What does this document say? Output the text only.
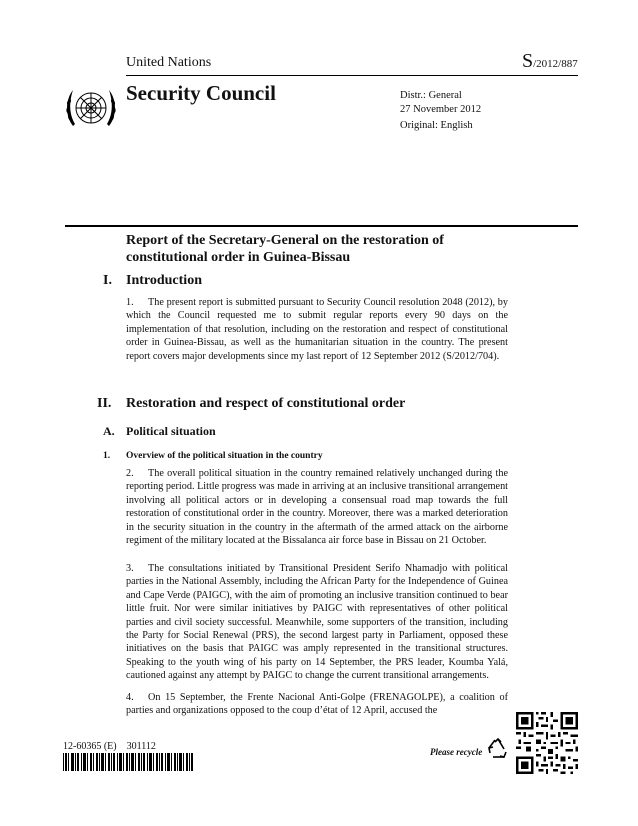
United Nations	S/2012/887
Security Council	Distr.: General
27 November 2012
Original: English
Report of the Secretary-General on the restoration of constitutional order in Guinea-Bissau
I. Introduction

1. The present report is submitted pursuant to Security Council resolution 2048 (2012), by which the Council requested me to submit regular reports every 90 days on the implementation of that resolution, including on the restoration and respect of constitutional order in Guinea-Bissau, as well as the humanitarian situation in the country. The present report covers major developments since my last report of 12 September 2012 (S/2012/704).

II. Restoration and respect of constitutional order
A. Political situation
1. Overview of the political situation in the country

2. The overall political situation in the country remained relatively unchanged during the reporting period. Little progress was made in arriving at an inclusive transitional arrangement involving all political actors or in developing a consensual road map towards the full restoration of constitutional order in the country. Moreover, there was a marked deterioration in the security situation in the country in the aftermath of the armed attack on the airborne regiment of the military located at the Bissalanca air force base in Bissau on 21 October.

3. The consultations initiated by Transitional President Serifo Nhamadjo with political parties in the National Assembly, including the African Party for the Independence of Guinea and Cape Verde (PAIGC), with the aim of promoting an inclusive transition continued to bear little fruit. Nor were similar initiatives by PAIGC with representatives of other political parties and civil society successful. Meanwhile, some supporters of the transition, including the Party for Social Renewal (PRS), the second largest party in Parliament, opposed these initiatives on the basis that PAIGC was amply represented in the transitional structures. Speaking to the youth wing of his party on 14 September, the PRS leader, Koumba Yalá, cautioned against any attempt by PAIGC to change the current transitional arrangements.

4. On 15 September, the Frente Nacional Anti-Golpe (FRENAGOLPE), a coalition of parties and organizations opposed to the coup d’état of 12 April, accused the

12-60365 (E)    301112	Please recycle
